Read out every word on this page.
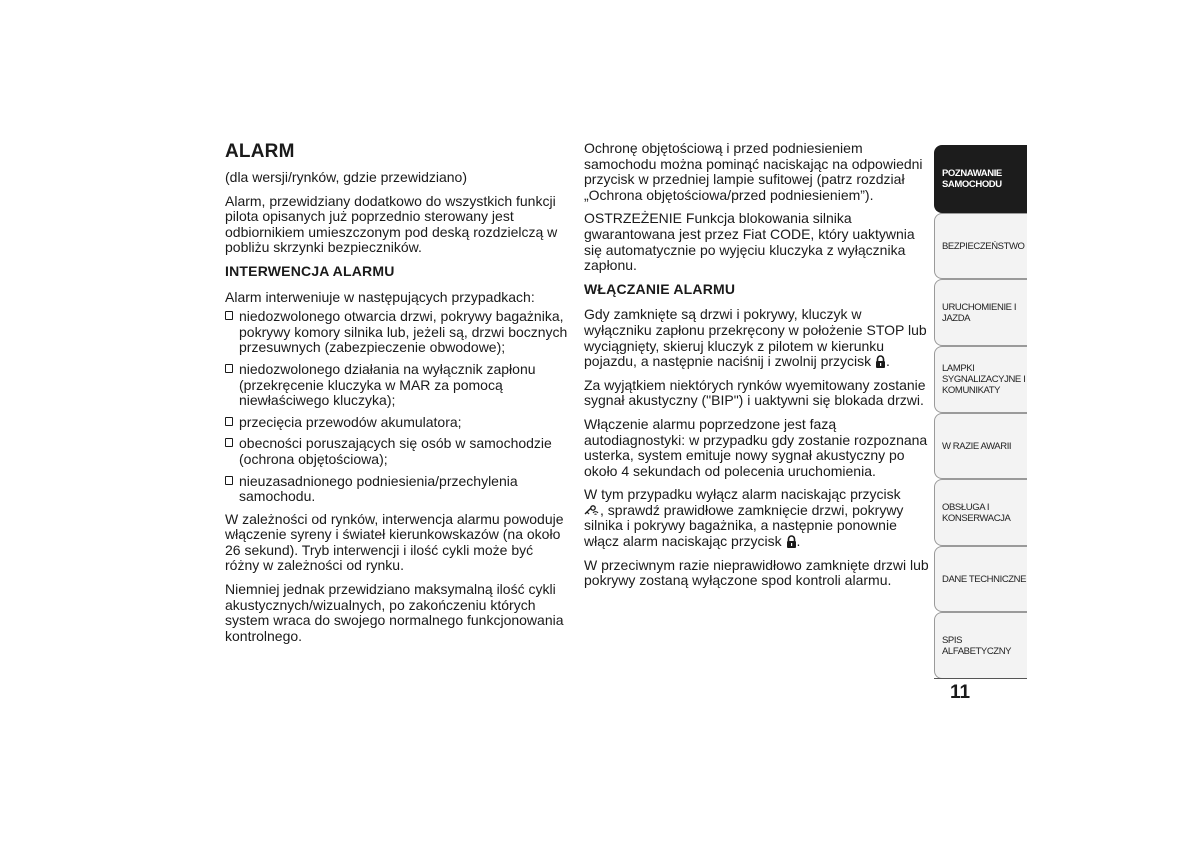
ALARM

(dla wersji/rynków, gdzie przewidziano)

Alarm, przewidziany dodatkowo do wszystkich funkcji pilota opisanych już poprzednio sterowany jest odbiornikiem umieszczonym pod deską rozdzielczą w pobliżu skrzynki bezpieczników.

INTERWENCJA ALARMU

Alarm interweniuje w następujących przypadkach:

niedozwolonego otwarcia drzwi, pokrywy bagażnika, pokrywy komory silnika lub, jeżeli są, drzwi bocznych przesuwnych (zabezpieczenie obwodowe);
niedozwolonego działania na wyłącznik zapłonu (przekręcenie kluczyka w MAR za pomocą niewłaściwego kluczyka);
przecięcia przewodów akumulatora;
obecności poruszających się osób w samochodzie (ochrona objętościowa);
nieuzasadnionego podniesienia/przechylenia samochodu.

W zależności od rynków, interwencja alarmu powoduje włączenie syreny i świateł kierunkowskazów (na około 26 sekund). Tryb interwencji i ilość cykli może być różny w zależności od rynku.

Niemniej jednak przewidziano maksymalną ilość cykli akustycznych/wizualnych, po zakończeniu których system wraca do swojego normalnego funkcjonowania kontrolnego.

Ochronę objętościową i przed podniesieniem samochodu można pominąć naciskając na odpowiedni przycisk w przedniej lampie sufitowej (patrz rozdział „Ochrona objętościowa/przed podniesieniem”).

OSTRZEŻENIE Funkcja blokowania silnika gwarantowana jest przez Fiat CODE, który uaktywnia się automatycznie po wyjęciu kluczyka z wyłącznika zapłonu.

WŁĄCZANIE ALARMU

Gdy zamknięte są drzwi i pokrywy, kluczyk w wyłączniku zapłonu przekręcony w położenie STOP lub wyciągnięty, skieruj kluczyk z pilotem w kierunku pojazdu, a następnie naciśnij i zwolnij przycisk .

Za wyjątkiem niektórych rynków wyemitowany zostanie sygnał akustyczny ("BIP") i uaktywni się blokada drzwi.

Włączenie alarmu poprzedzone jest fazą autodiagnostyki: w przypadku gdy zostanie rozpoznana usterka, system emituje nowy sygnał akustyczny po około 4 sekundach od polecenia uruchomienia.

W tym przypadku wyłącz alarm naciskając przycisk
, sprawdź prawidłowe zamknięcie drzwi, pokrywy silnika i pokrywy bagażnika, a następnie ponownie włącz alarm naciskając przycisk .

W przeciwnym razie nieprawidłowo zamknięte drzwi lub pokrywy zostaną wyłączone spod kontroli alarmu.

POZNAWANIE
SAMOCHODU
BEZPIECZEŃSTWO
URUCHOMIENIE I
JAZDA
LAMPKI
SYGNALIZACYJNE I
KOMUNIKATY
W RAZIE AWARII
OBSŁUGA I
KONSERWACJA
DANE TECHNICZNE
SPIS ALFABETYCZNY
11
